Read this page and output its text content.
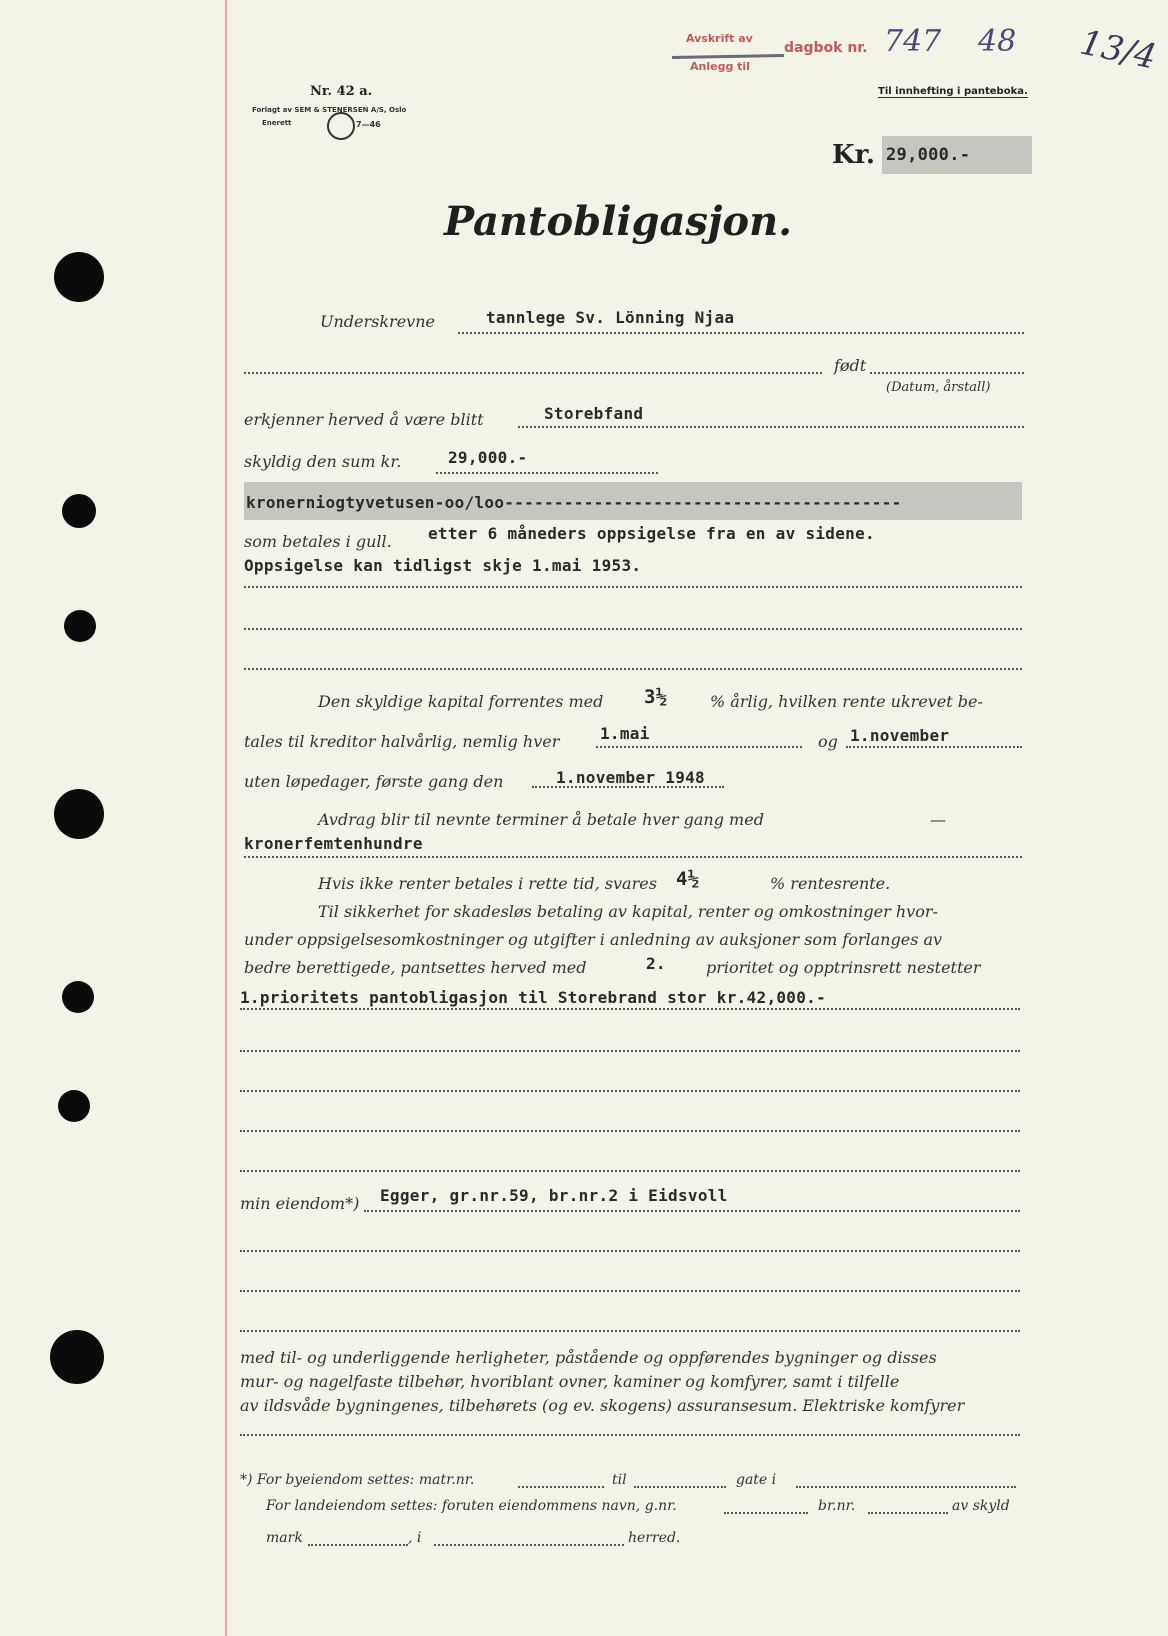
Nr. 42 a.
Forlagt av SEM & STENERSEN A/S, Oslo
Enerett	7—46
Avskrift av
Anlegg til
dagbok nr. 747 48 13/4
Til innhefting i panteboka.
Kr. 29,000.-
Pantobligasjon.
Underskrevne	tannlege Sv. Lönning Njaa
født
(Datum, årstall)
erkjenner herved å være blitt	Storebfand
skyldig den sum kr.	29,000.-
kronerniogtyvetusen-oo/loo----------------------------------------
som betales i gull. etter 6 måneders oppsigelse fra en av sidene.
Oppsigelse kan tidligst skje 1.mai 1953.
Den skyldige kapital forrentes med 3½	% årlig, hvilken rente ukrevet be-
tales til kreditor halvårlig, nemlig hver	1.mai	og 1.november
uten løpedager, første gang den	1.november 1948
Avdrag blir til nevnte terminer å betale hver gang med	—
kronerfemtenhundre
Hvis ikke renter betales i rette tid, svares 4½	% rentesrente.
Til sikkerhet for skadesløs betaling av kapital, renter og omkostninger hvor-
under oppsigelsesomkostninger og utgifter i anledning av auksjoner som forlanges av
bedre berettigede, pantsettes herved med	2.	prioritet og opptrinsrett nestetter
1.prioritets pantobligasjon til Storebrand stor kr.42,000.-
min eiendom*) Egger, gr.nr.59, br.nr.2 i Eidsvoll
med til- og underliggende herligheter, påstående og oppførendes bygninger og disses
mur- og nagelfaste tilbehør, hvoriblant ovner, kaminer og komfyrer, samt i tilfelle
av ildsvåde bygningenes, tilbehørets (og ev. skogens) assuransesum. Elektriske komfyrer
*) For byeiendom settes: matr.nr.	til	gate i
For landeiendom settes: foruten eiendommens navn, g.nr.	br.nr.	av skyld
mark	, i	herred.
